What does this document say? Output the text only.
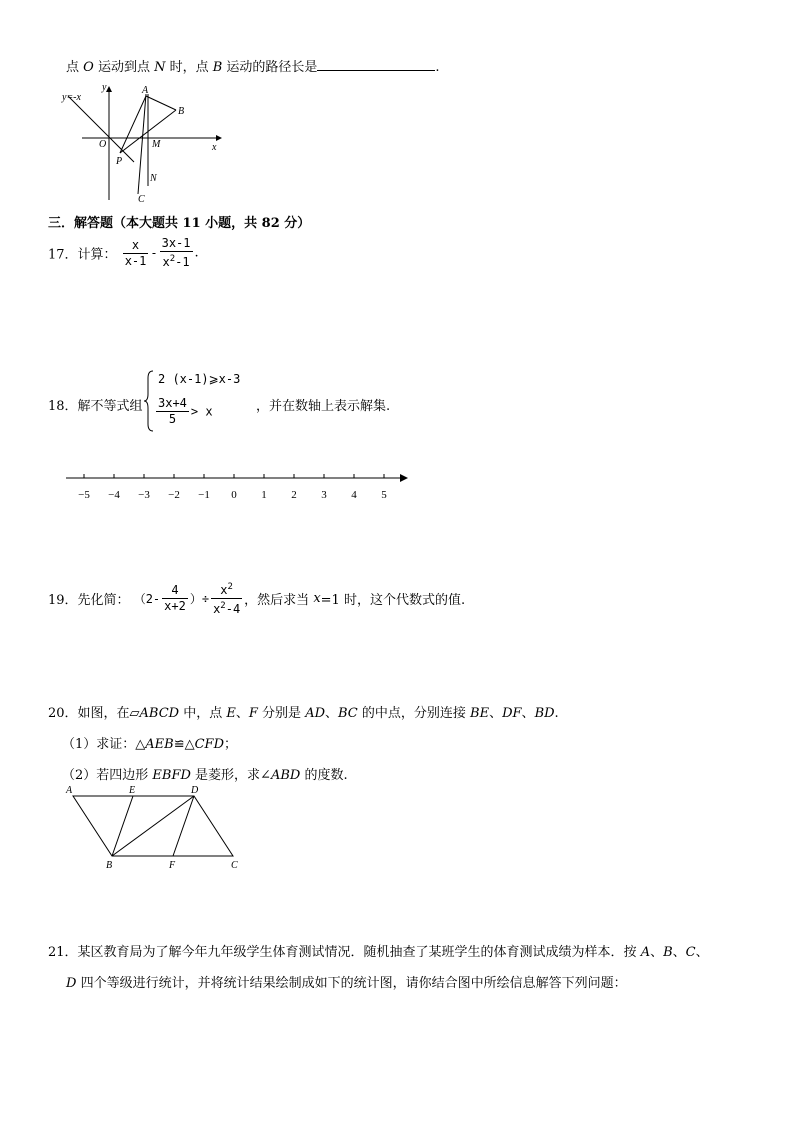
点 O 运动到点 N 时，点 B 运动的路径长是	.
y=-x
y
x
A
B
O	M
P
N
C
三．解答题（本大题共 11 小题，共 82 分）
17．计算： $\frac{x}{x-1} - \frac{3x-1}{x^2-1}$ .
18．解不等式组
2 (x-1)⩾x-3
$\frac{3x+4}{5} > x$	，并在数轴上表示解集.
−5 −4 −3 −2 −1 0 1 2 3 4 5
19．先化简： （$2- \frac{4}{x+2}$ ）÷ $\frac{x^2}{x^2-4}$ ，然后求当 x=1 时，这个代数式的值.
20．如图，在▱ABCD 中，点 E、F 分别是 AD、BC 的中点，分别连接 BE、DF、BD.
（1）求证：△AEB≌△CFD；
（2）若四边形 EBFD 是菱形，求∠ABD 的度数.
A	E	D
B	F	C
21．某区教育局为了解今年九年级学生体育测试情况．随机抽查了某班学生的体育测试成绩为样本．按 A、B、C、
D 四个等级进行统计，并将统计结果绘制成如下的统计图，请你结合图中所绘信息解答下列问题：
